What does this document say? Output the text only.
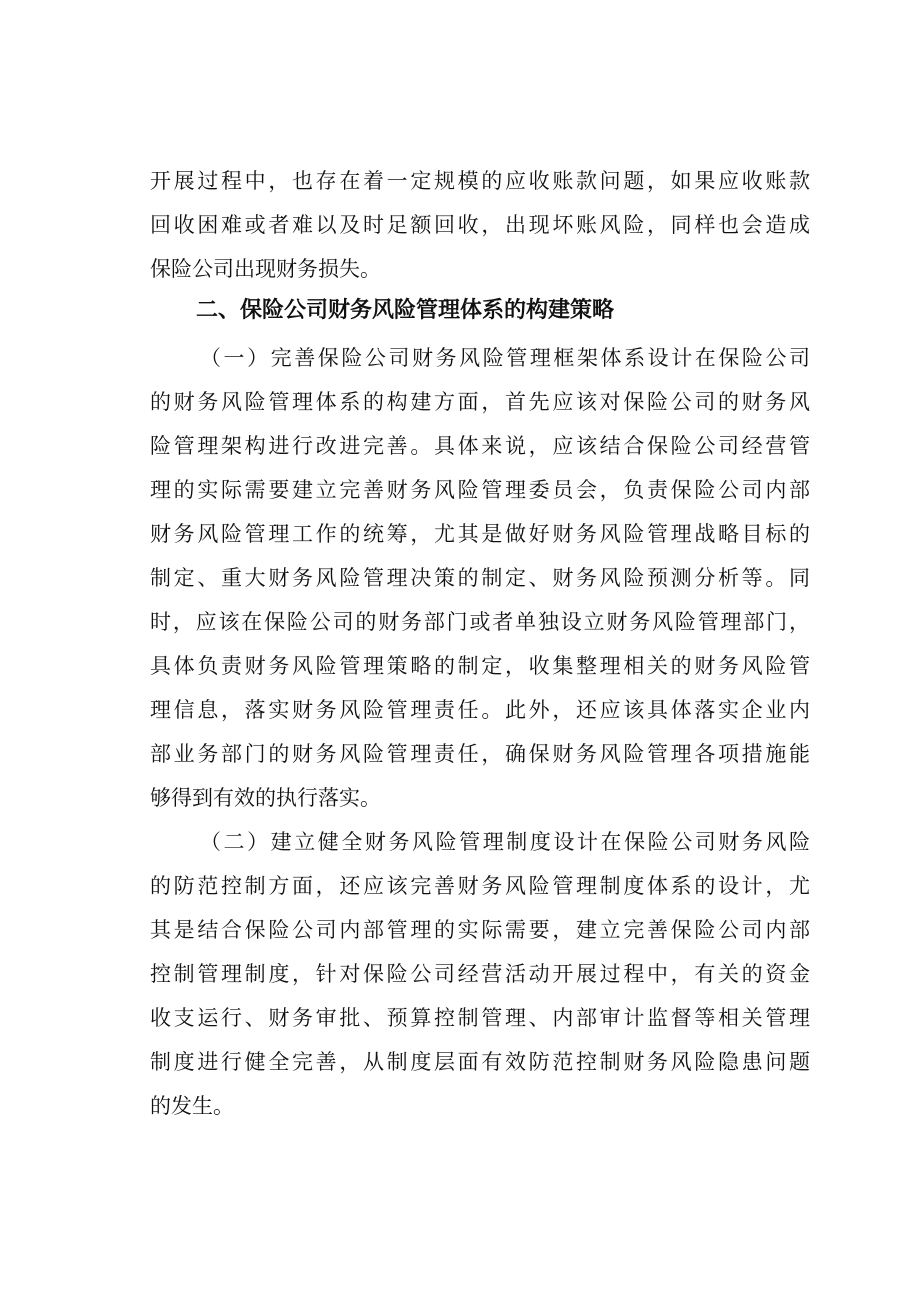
开展过程中，也存在着一定规模的应收账款问题，如果应收账款
回收困难或者难以及时足额回收，出现坏账风险，同样也会造成
保险公司出现财务损失。
二、保险公司财务风险管理体系的构建策略
（一）完善保险公司财务风险管理框架体系设计在保险公司
的财务风险管理体系的构建方面，首先应该对保险公司的财务风
险管理架构进行改进完善。具体来说，应该结合保险公司经营管
理的实际需要建立完善财务风险管理委员会，负责保险公司内部
财务风险管理工作的统筹，尤其是做好财务风险管理战略目标的
制定、重大财务风险管理决策的制定、财务风险预测分析等。同
时，应该在保险公司的财务部门或者单独设立财务风险管理部门，
具体负责财务风险管理策略的制定，收集整理相关的财务风险管
理信息，落实财务风险管理责任。此外，还应该具体落实企业内
部业务部门的财务风险管理责任，确保财务风险管理各项措施能
够得到有效的执行落实。
（二）建立健全财务风险管理制度设计在保险公司财务风险
的防范控制方面，还应该完善财务风险管理制度体系的设计，尤
其是结合保险公司内部管理的实际需要，建立完善保险公司内部
控制管理制度，针对保险公司经营活动开展过程中，有关的资金
收支运行、财务审批、预算控制管理、内部审计监督等相关管理
制度进行健全完善，从制度层面有效防范控制财务风险隐患问题
的发生。
